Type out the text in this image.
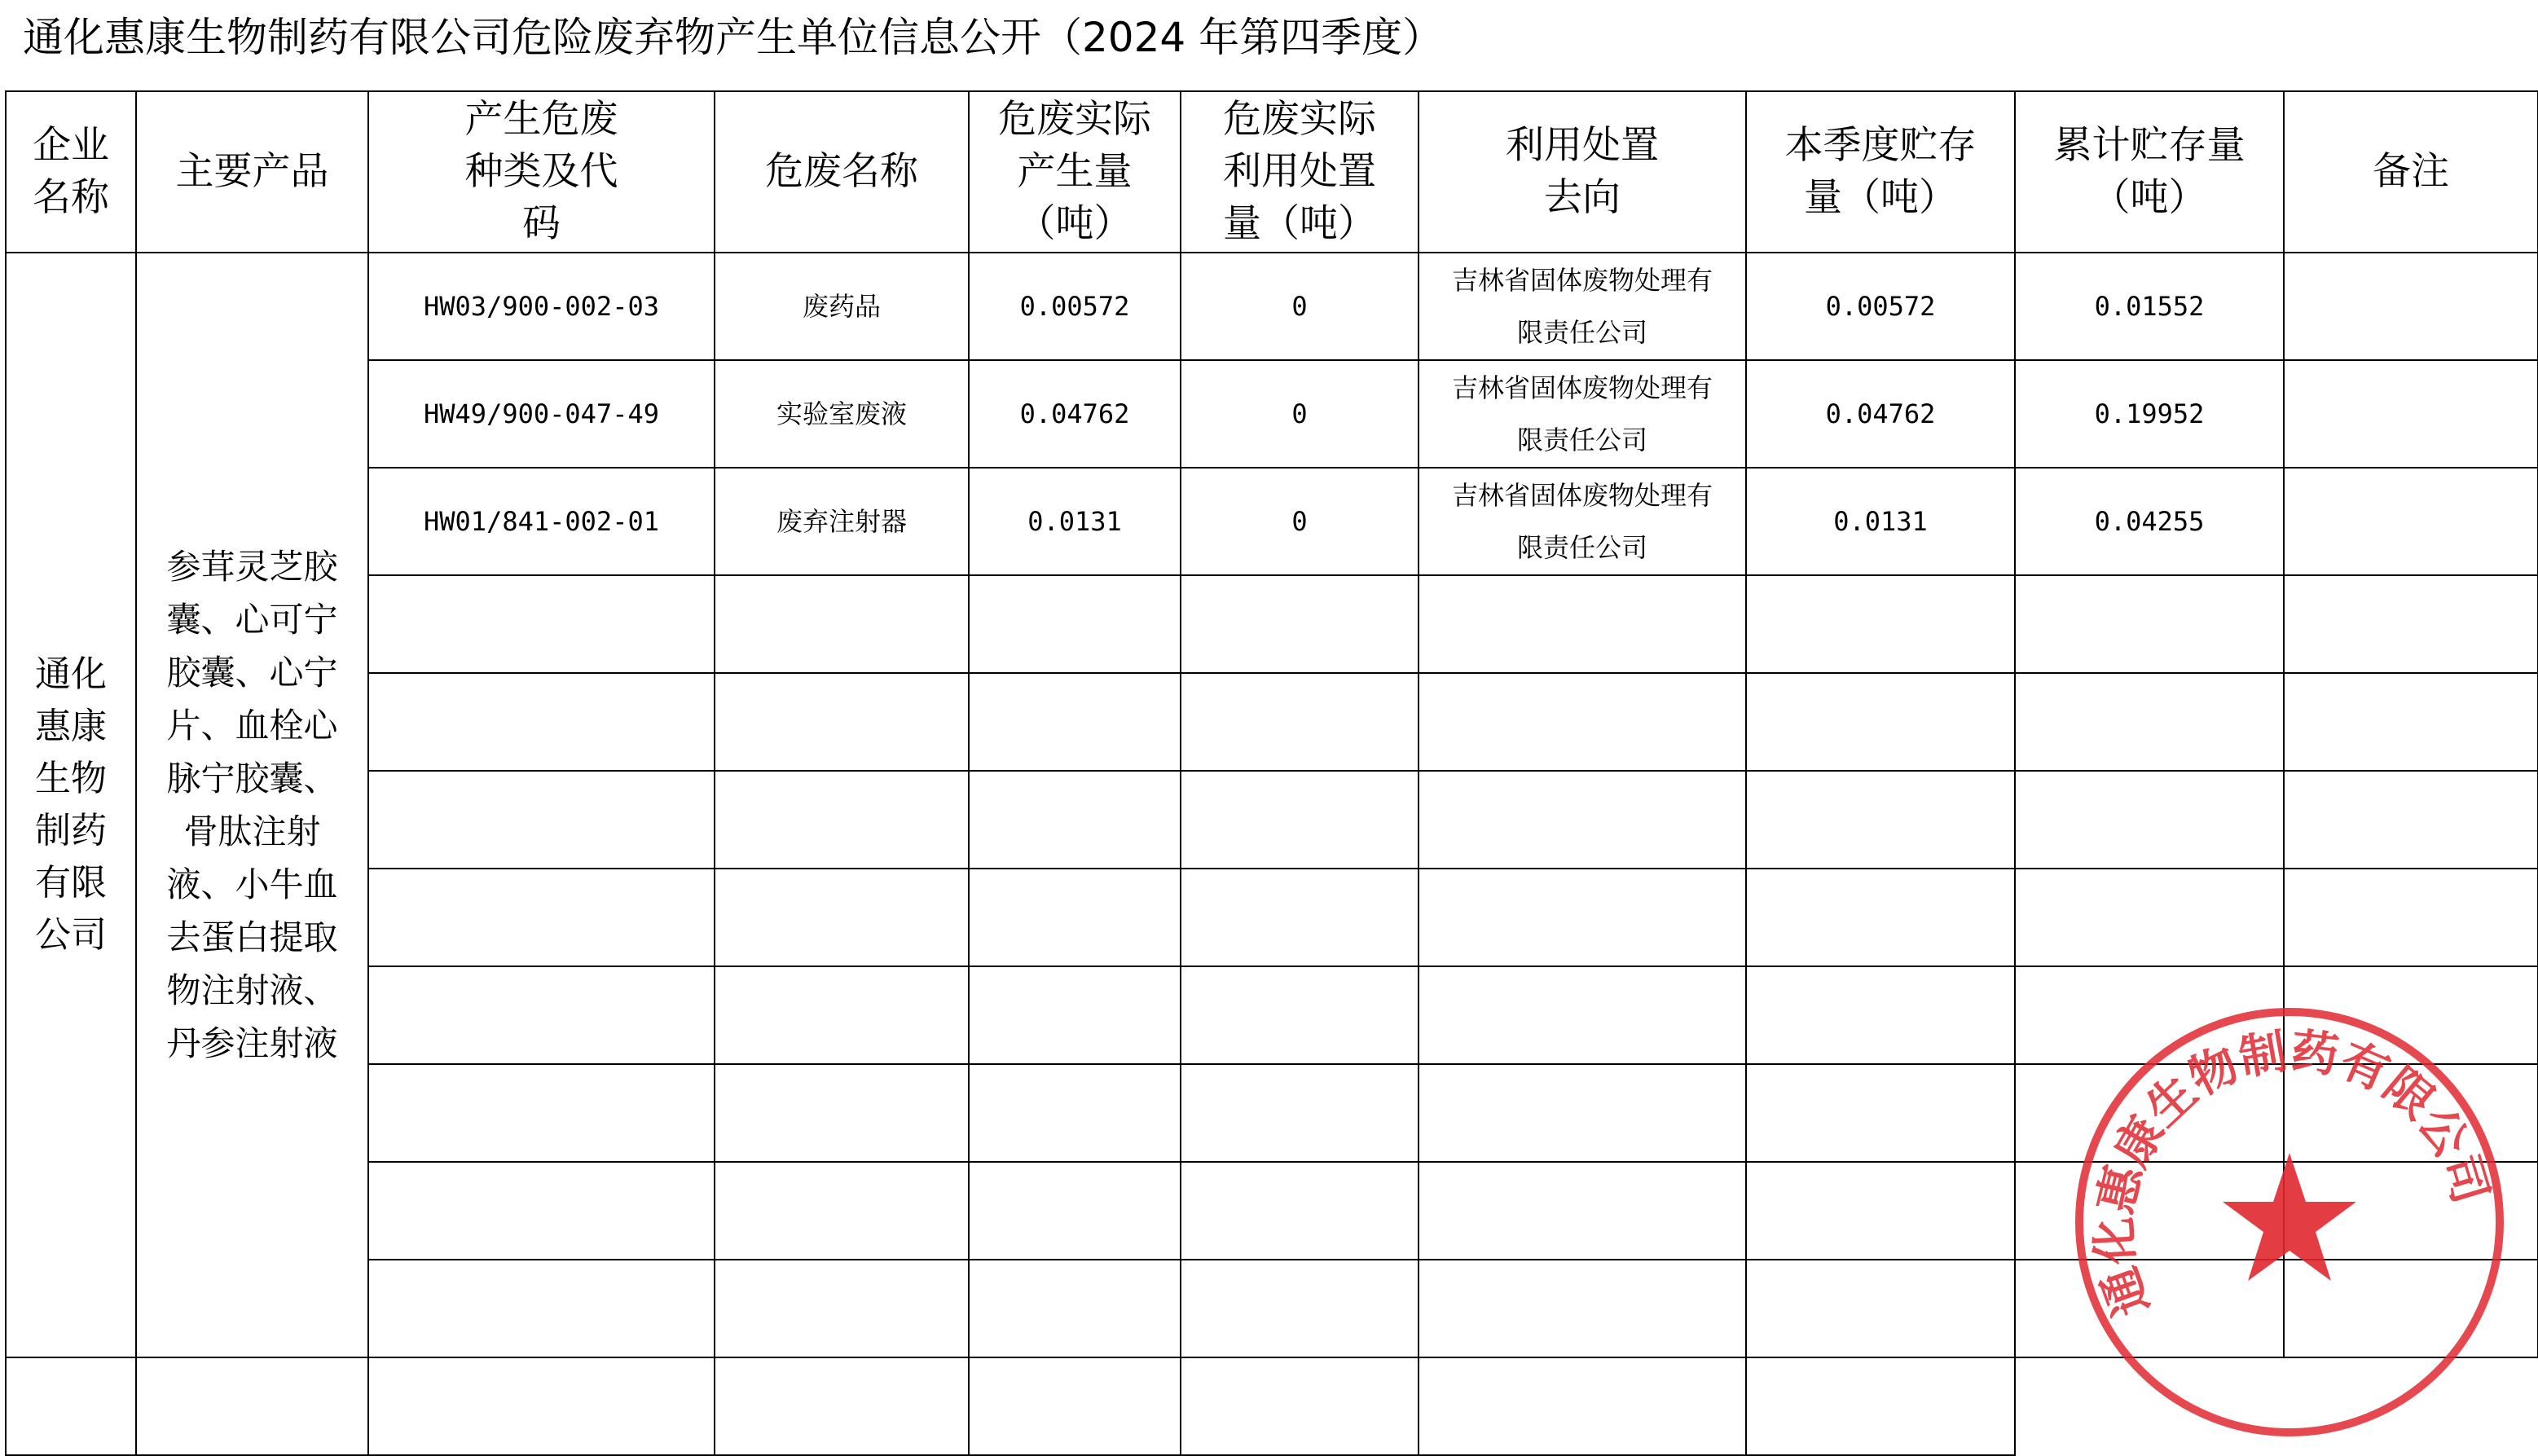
通化惠康生物制药有限公司危险废弃物产生单位信息公开（2024 年第四季度）
企业名称	主要产品	产生危废种类及代码	危废名称	危废实际产生量（吨）	危废实际利用处置量（吨）	利用处置去向	本季度贮存量（吨）	累计贮存量（吨）	备注
通化惠康生物制药有限公司	参茸灵芝胶囊、心可宁胶囊、心宁片、血栓心脉宁胶囊、骨肽注射液、小牛血去蛋白提取物注射液、丹参注射液	HW03/900-002-03	废药品	0.00572	0	吉林省固体废物处理有限责任公司	0.00572	0.01552	
		HW49/900-047-49	实验室废液	0.04762	0	吉林省固体废物处理有限责任公司	0.04762	0.19952	
		HW01/841-002-01	废弃注射器	0.0131	0	吉林省固体废物处理有限责任公司	0.0131	0.04255	

通化惠康生物制药有限公司
